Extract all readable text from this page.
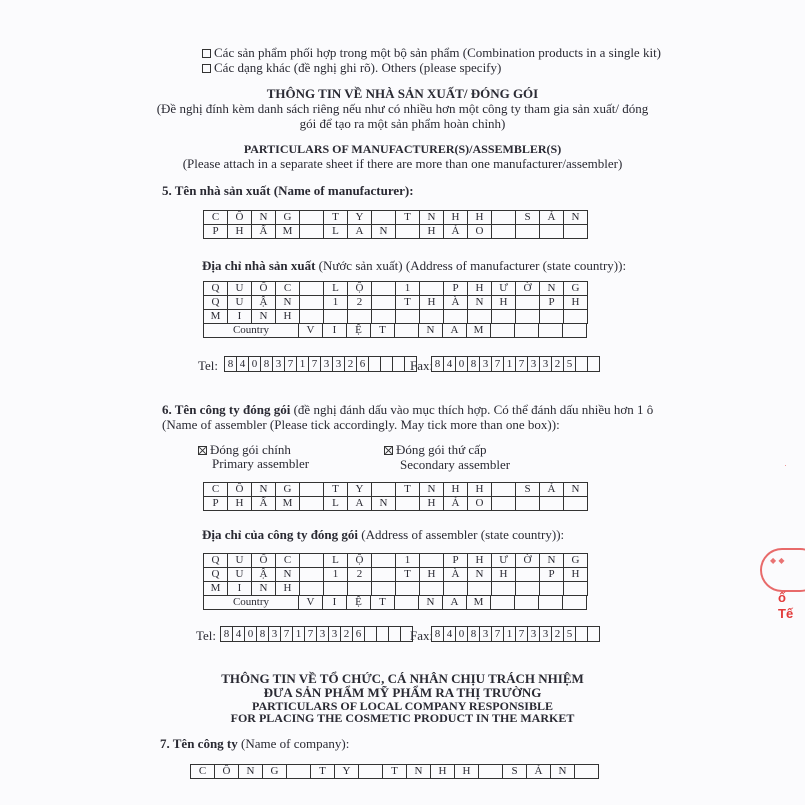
Các sản phẩm phối hợp trong một bộ sản phẩm (Combination products in a single kit)
Các dạng khác (đề nghị ghi rõ). Others (please specify)
THÔNG TIN VỀ NHÀ SẢN XUẤT/ ĐÓNG GÓI
(Đề nghị đính kèm danh sách riêng nếu như có nhiều hơn một công ty tham gia sản xuất/ đóng
gói để tạo ra một sản phẩm hoàn chỉnh)
PARTICULARS OF MANUFACTURER(S)/ASSEMBLER(S)
(Please attach in a separate sheet if there are more than one manufacturer/assembler)
5. Tên nhà sản xuất (Name of manufacturer):
C	Ô	N	G	T	Y	T	N	H	H	S	Ả	N
P	H	Ẩ	M	L	A	N	H	Ả	O
Địa chỉ nhà sản xuất (Nước sản xuất) (Address of manufacturer (state country)):
Q	U	Ố	C	L	Ộ	1	P	H	Ư	Ờ	N	G
Q	U	Ậ	N	1	2	T	H	À	N	H	P	H
M	I	N	H
Country	V	I	Ệ	T	N	A	M
Tel: 8 4 0 8 3 7 1 7 3 3 2 6	Fax: 8 4 0 8 3 7 1 7 3 3 2 5
6. Tên công ty đóng gói (đề nghị đánh dấu vào mục thích hợp. Có thể đánh dấu nhiều hơn 1 ô
(Name of assembler (Please tick accordingly. May tick more than one box)):
Đóng gói chính
Primary assembler
Đóng gói thứ cấp
Secondary assembler
C	Ô	N	G	T	Y	T	N	H	H	S	Ả	N
P	H	Ẩ	M	L	A	N	H	Ả	O
Địa chỉ của công ty đóng gói (Address of assembler (state country)):
Q	U	Ố	C	L	Ộ	1	P	H	Ư	Ờ	N	G
Q	U	Ậ	N	1	2	T	H	À	N	H	P	H
M	I	N	H
Country	V	I	Ệ	T	N	A	M
Tel: 8 4 0 8 3 7 1 7 3 3 2 6	Fax: 8 4 0 8 3 7 1 7 3 3 2 5
THÔNG TIN VỀ TỔ CHỨC, CÁ NHÂN CHỊU TRÁCH NHIỆM
ĐƯA SẢN PHẨM MỸ PHẨM RA THỊ TRƯỜNG
PARTICULARS OF LOCAL COMPANY RESPONSIBLE
FOR PLACING THE COSMETIC PRODUCT IN THE MARKET
7. Tên công ty (Name of company):
C	Ô	N	G	T	Y	T	N	H	H	S	Ả	N
◆ ◆
ố
Tế
·
